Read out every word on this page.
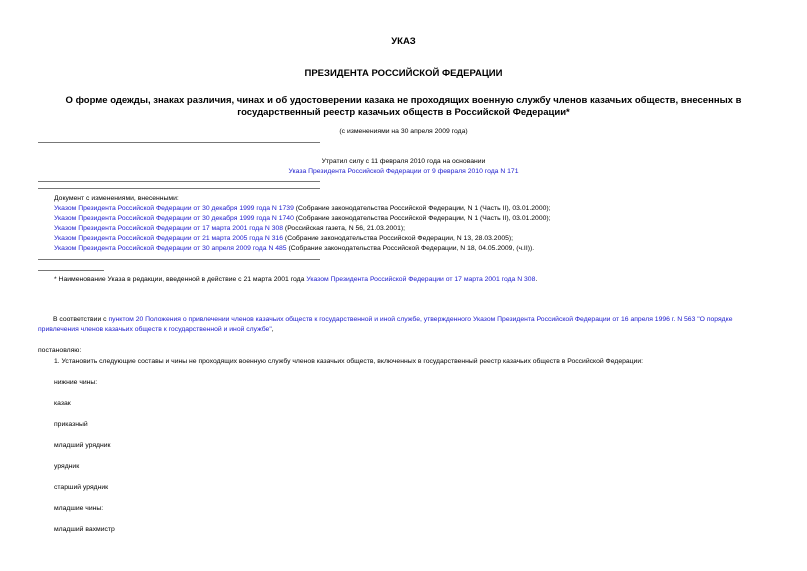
УКАЗ
ПРЕЗИДЕНТА РОССИЙСКОЙ ФЕДЕРАЦИИ
О форме одежды, знаках различия, чинах и об удостоверении казака не проходящих военную службу членов казачьих обществ, внесенных в государственный реестр казачьих обществ в Российской Федерации*
(с изменениями на 30 апреля 2009 года)
Утратил силу с 11 февраля 2010 года на основании
Указа Президента Российской Федерации от 9 февраля 2010 года N 171
Документ с изменениями, внесенными:
Указом Президента Российской Федерации от 30 декабря 1999 года N 1739 (Собрание законодательства Российской Федерации, N 1 (Часть II), 03.01.2000);
Указом Президента Российской Федерации от 30 декабря 1999 года N 1740 (Собрание законодательства Российской Федерации, N 1 (Часть II), 03.01.2000);
Указом Президента Российской Федерации от 17 марта 2001 года N 308 (Российская газета, N 56, 21.03.2001);
Указом Президента Российской Федерации от 21 марта 2005 года N 316 (Собрание законодательства Российской Федерации, N 13, 28.03.2005);
Указом Президента Российской Федерации от 30 апреля 2009 года N 485 (Собрание законодательства Российской Федерации, N 18, 04.05.2009, (ч.II)).
* Наименование Указа в редакции, введенной в действие с 21 марта 2001 года Указом Президента Российской Федерации от 17 марта 2001 года N 308.
В соответствии с пунктом 20 Положения о привлечении членов казачьих обществ к государственной и иной службе, утвержденного Указом Президента Российской Федерации от 16 апреля 1996 г. N 563 "О порядке привлечения членов казачьих обществ к государственной и иной службе",
постановляю:
1. Установить следующие составы и чины не проходящих военную службу членов казачьих обществ, включенных в государственный реестр казачьих обществ в Российской Федерации:
нижние чины:
казак
приказный
младший урядник
урядник
старший урядник
младшие чины:
младший вахмистр
